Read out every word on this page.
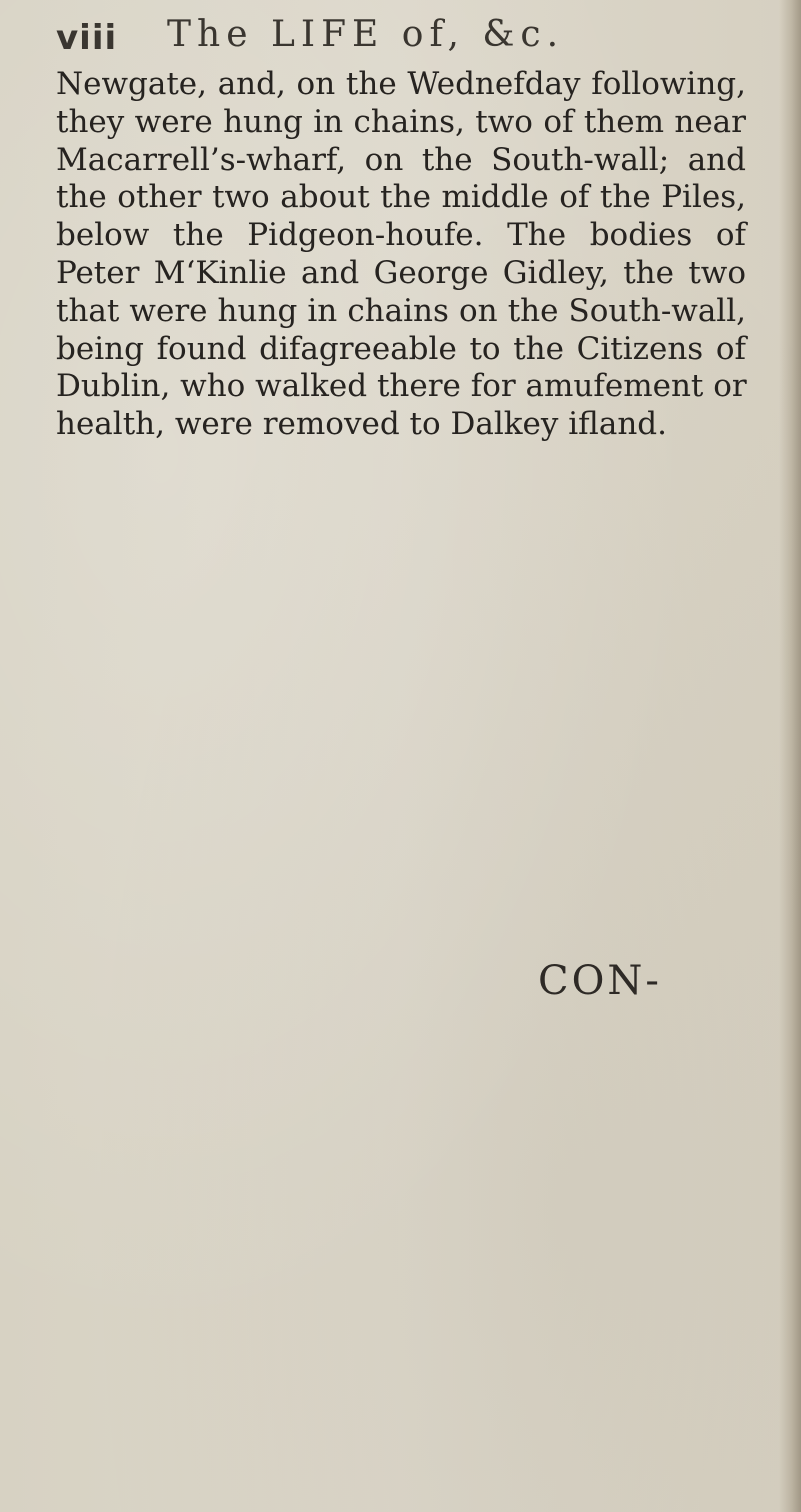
viii The LIFE of, &c.
Newgate, and, on the Wednefday following,
they were hung in chains, two of them near
Macarrell’s-wharf, on the South-wall; and
the other two about the middle of the Piles,
below the Pidgeon-houfe. The bodies of
Peter M‘Kinlie and George Gidley, the two
that were hung in chains on the South-wall,
being found difagreeable to the Citizens of
Dublin, who walked there for amufement or
health, were removed to Dalkey ifland.
CON-
